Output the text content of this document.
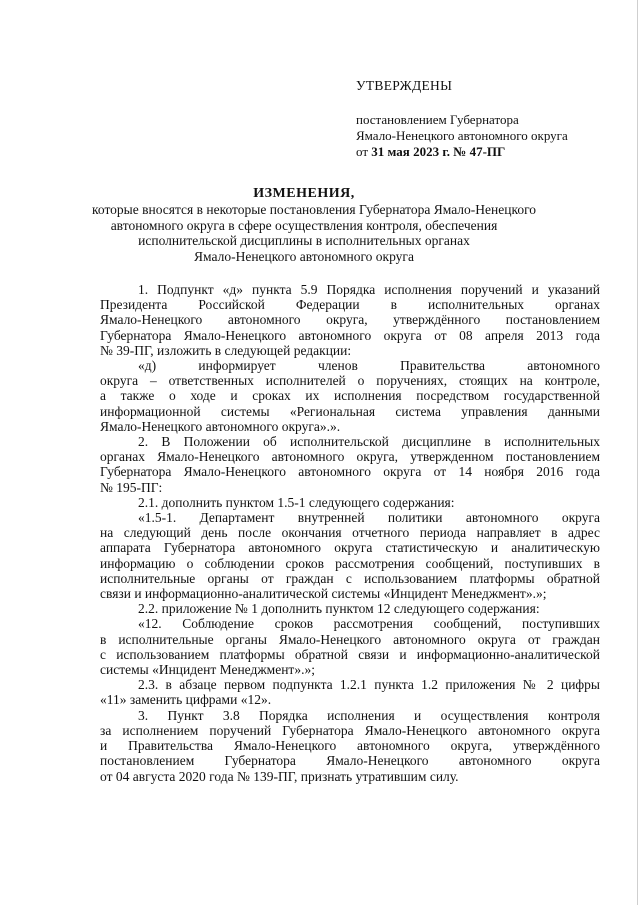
УТВЕРЖДЕНЫ
постановлением Губернатора
Ямало-Ненецкого автономного округа
от 31 мая 2023 г. № 47-ПГ
ИЗМЕНЕНИЯ,
которые вносятся в некоторые постановления Губернатора Ямало-Ненецкого
автономного округа в сфере осуществления контроля, обеспечения
исполнительской дисциплины в исполнительных органах
Ямало-Ненецкого автономного округа
1. Подпункт «д» пункта 5.9 Порядка исполнения поручений и указаний
Президента Российской Федерации в исполнительных органах
Ямало-Ненецкого автономного округа, утверждённого постановлением
Губернатора Ямало-Ненецкого автономного округа от 08 апреля 2013 года
№ 39-ПГ, изложить в следующей редакции:
«д) информирует членов Правительства автономного
округа – ответственных исполнителей о поручениях, стоящих на контроле,
а также о ходе и сроках их исполнения посредством государственной
информационной системы «Региональная система управления данными
Ямало-Ненецкого автономного округа».».
2. В Положении об исполнительской дисциплине в исполнительных
органах Ямало-Ненецкого автономного округа, утвержденном постановлением
Губернатора Ямало-Ненецкого автономного округа от 14 ноября 2016 года
№ 195-ПГ:
2.1. дополнить пунктом 1.5-1 следующего содержания:
«1.5-1. Департамент внутренней политики автономного округа
на следующий день после окончания отчетного периода направляет в адрес
аппарата Губернатора автономного округа статистическую и аналитическую
информацию о соблюдении сроков рассмотрения сообщений, поступивших в
исполнительные органы от граждан с использованием платформы обратной
связи и информационно-аналитической системы «Инцидент Менеджмент».»;
2.2. приложение № 1 дополнить пунктом 12 следующего содержания:
«12. Соблюдение сроков рассмотрения сообщений, поступивших
в исполнительные органы Ямало-Ненецкого автономного округа от граждан
с использованием платформы обратной связи и информационно-аналитической
системы «Инцидент Менеджмент».»;
2.3. в абзаце первом подпункта 1.2.1 пункта 1.2 приложения № 2 цифры
«11» заменить цифрами «12».
3. Пункт 3.8 Порядка исполнения и осуществления контроля
за исполнением поручений Губернатора Ямало-Ненецкого автономного округа
и Правительства Ямало-Ненецкого автономного округа, утверждённого
постановлением Губернатора Ямало-Ненецкого автономного округа
от 04 августа 2020 года № 139-ПГ, признать утратившим силу.
